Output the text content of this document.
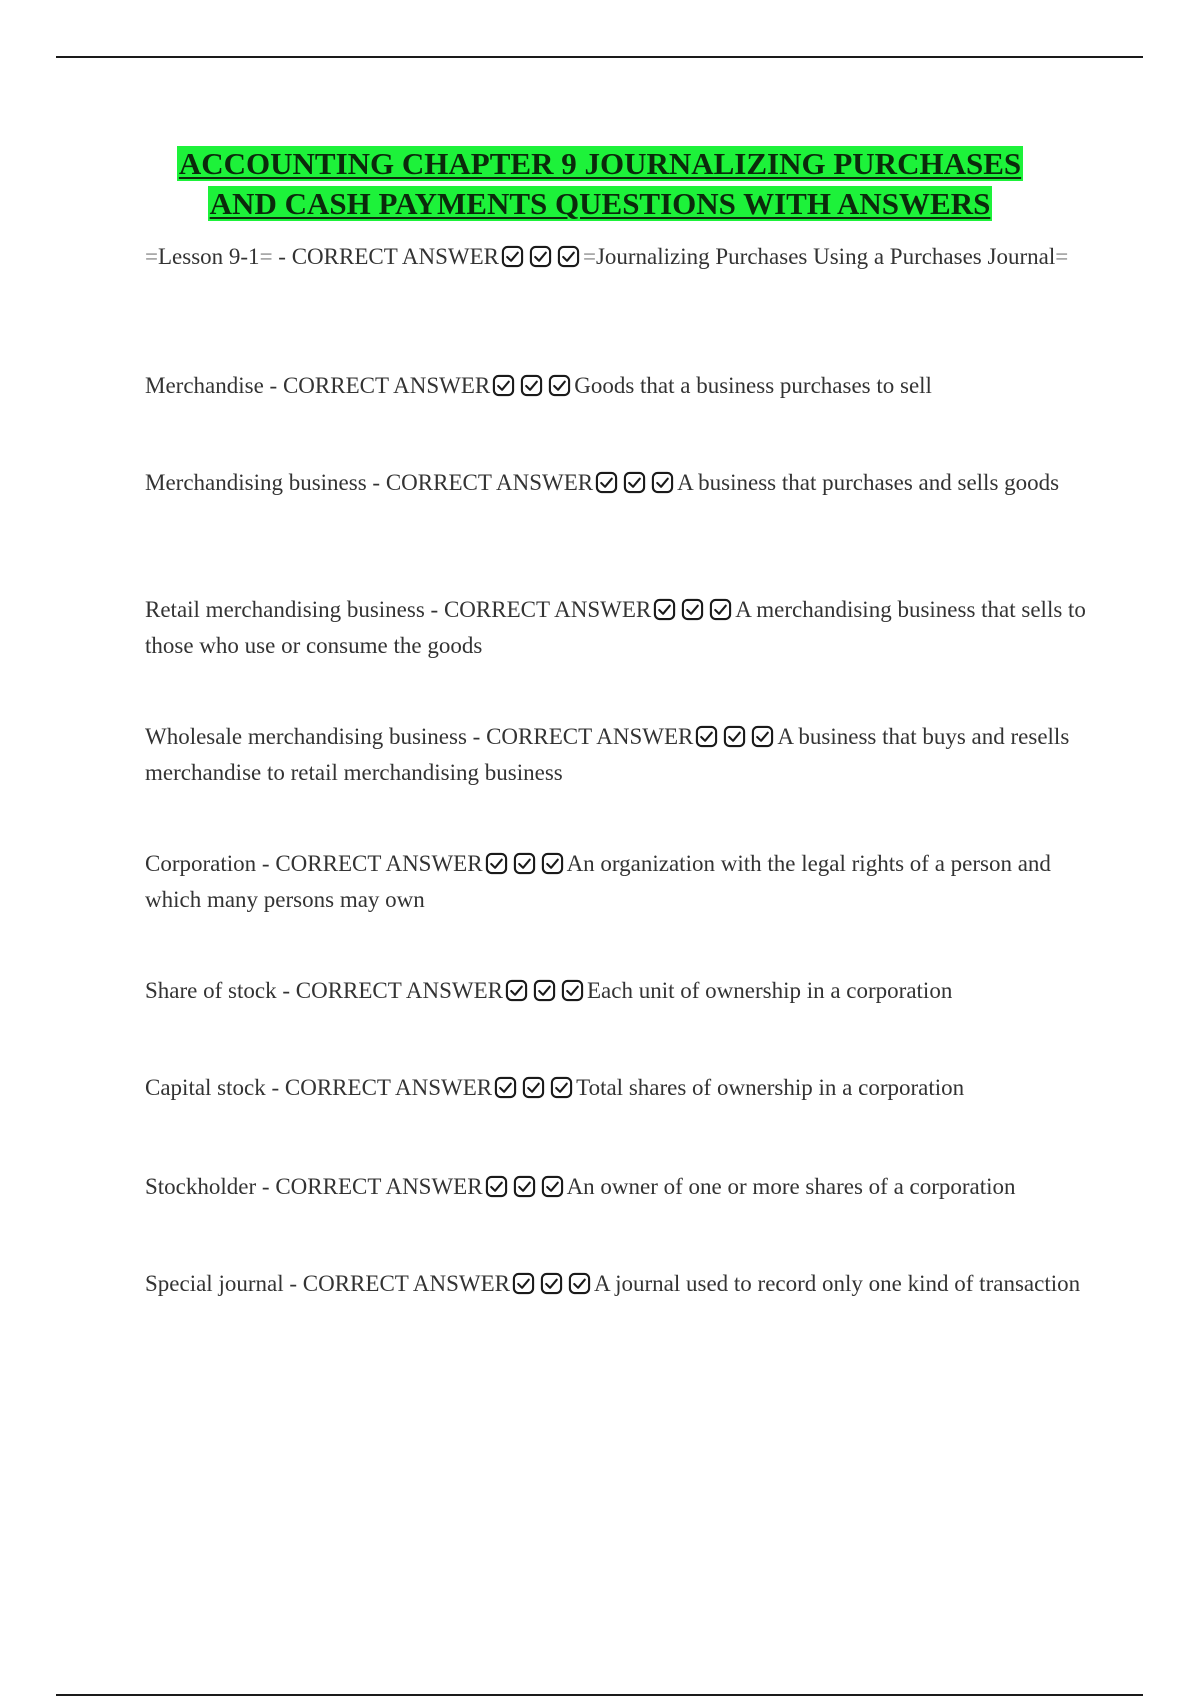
ACCOUNTING CHAPTER 9 JOURNALIZING PURCHASES
AND CASH PAYMENTS QUESTIONS WITH ANSWERS

=Lesson 9-1= - CORRECT ANSWER	=Journalizing Purchases Using a Purchases Journal=

Merchandise - CORRECT ANSWER	Goods that a business purchases to sell

Merchandising business - CORRECT ANSWER	A business that purchases and sells goods

Retail merchandising business - CORRECT ANSWER	A merchandising business that sells to those who use or consume the goods

Wholesale merchandising business - CORRECT ANSWER	A business that buys and resells merchandise to retail merchandising business

Corporation - CORRECT ANSWER	An organization with the legal rights of a person and which many persons may own

Share of stock - CORRECT ANSWER	Each unit of ownership in a corporation

Capital stock - CORRECT ANSWER	Total shares of ownership in a corporation

Stockholder - CORRECT ANSWER	An owner of one or more shares of a corporation

Special journal - CORRECT ANSWER	A journal used to record only one kind of transaction
